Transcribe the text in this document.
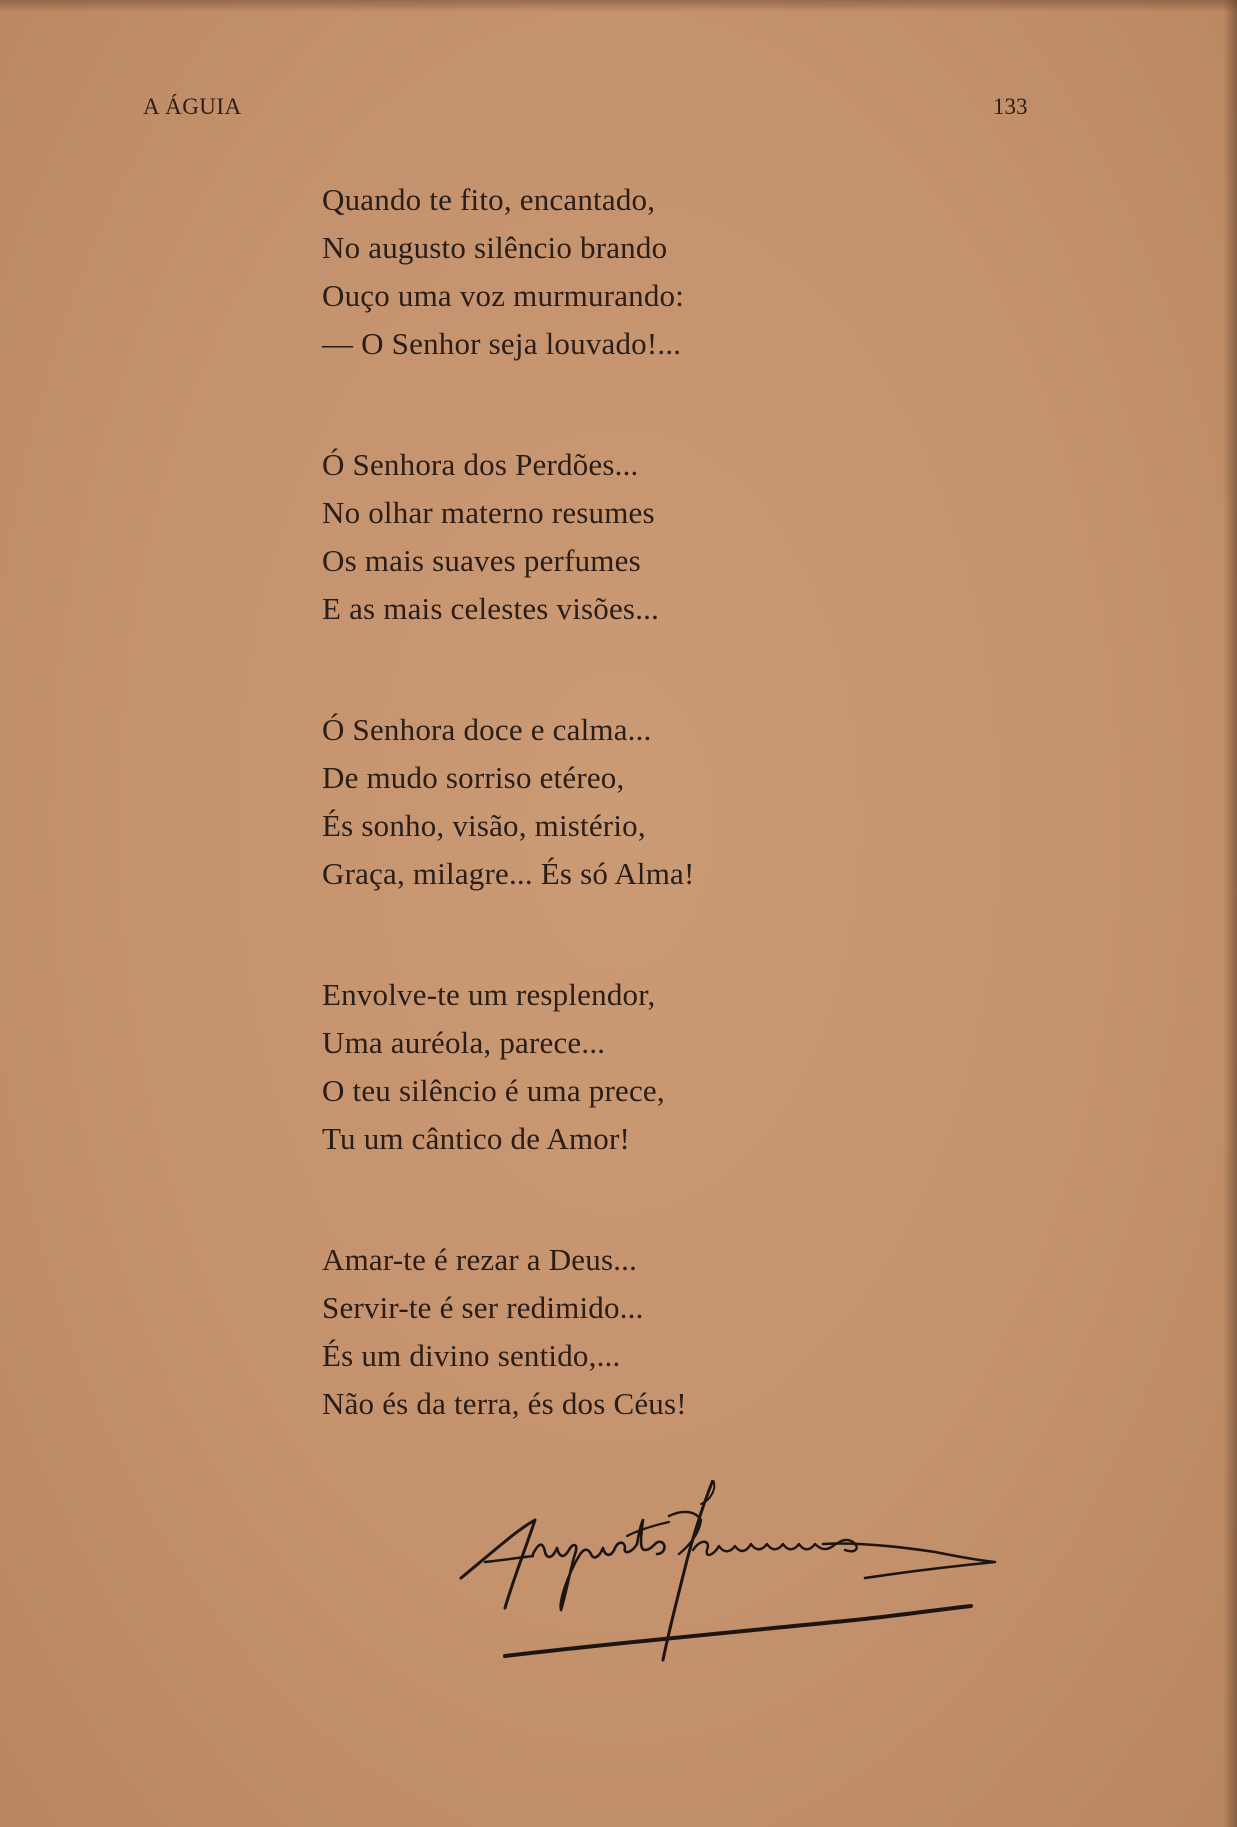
A ÁGUIA	133
Quando te fito, encantado,
No augusto silêncio brando
Ouço uma voz murmurando:
— O Senhor seja louvado!...
Ó Senhora dos Perdões...
No olhar materno resumes
Os mais suaves perfumes
E as mais celestes visões...
Ó Senhora doce e calma...
De mudo sorriso etéreo,
És sonho, visão, mistério,
Graça, milagre... És só Alma!
Envolve-te um resplendor,
Uma auréola, parece...
O teu silêncio é uma prece,
Tu um cântico de Amor!
Amar-te é rezar a Deus...
Servir-te é ser redimido...
És um divino sentido,...
Não és da terra, és dos Céus!
